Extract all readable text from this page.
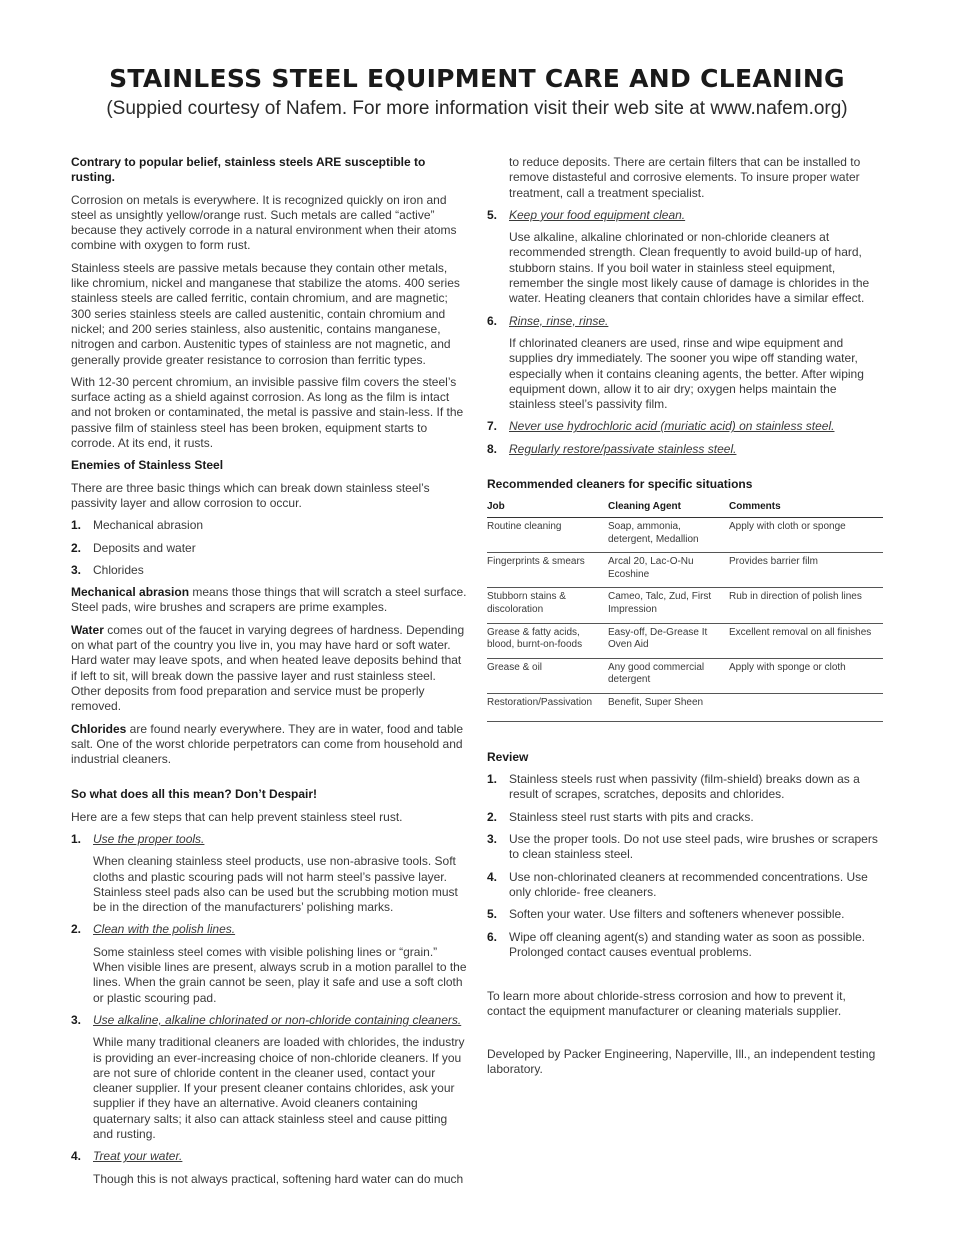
STAINLESS STEEL EQUIPMENT CARE AND CLEANING
(Suppied courtesy of Nafem. For more information visit their web site at www.nafem.org)
Contrary to popular belief, stainless steels ARE susceptible to rusting.

Corrosion on metals is everywhere. It is recognized quickly on iron and steel as unsightly yellow/orange rust. Such metals are called “active” because they actively corrode in a natural environment when their atoms combine with oxygen to form rust.

Stainless steels are passive metals because they contain other metals, like chromium, nickel and manganese that stabilize the atoms. 400 series stainless steels are called ferritic, contain chromium, and are magnetic; 300 series stainless steels are called austenitic, contain chromium and nickel; and 200 series stainless, also austenitic, contains manganese, nitrogen and carbon. Austenitic types of stainless are not magnetic, and generally provide greater resistance to corrosion than ferritic types.

With 12-30 percent chromium, an invisible passive film covers the steel’s surface acting as a shield against corrosion. As long as the film is intact and not broken or contaminated, the metal is passive and stain-less. If the passive film of stainless steel has been broken, equipment starts to corrode. At its end, it rusts.

Enemies of Stainless Steel

There are three basic things which can break down stainless steel’s passivity layer and allow corrosion to occur.

1. Mechanical abrasion
2. Deposits and water
3. Chlorides

Mechanical abrasion means those things that will scratch a steel surface. Steel pads, wire brushes and scrapers are prime examples.

Water comes out of the faucet in varying degrees of hardness. Depending on what part of the country you live in, you may have hard or soft water. Hard water may leave spots, and when heated leave deposits behind that if left to sit, will break down the passive layer and rust stainless steel. Other deposits from food preparation and service must be properly removed.

Chlorides are found nearly everywhere. They are in water, food and table salt. One of the worst chloride perpetrators can come from household and industrial cleaners.

So what does all this mean? Don’t Despair!

Here are a few steps that can help prevent stainless steel rust.

1. Use the proper tools.

When cleaning stainless steel products, use non-abrasive tools. Soft cloths and plastic scouring pads will not harm steel’s passive layer. Stainless steel pads also can be used but the scrubbing motion must be in the direction of the manufacturers’ polishing marks.

2. Clean with the polish lines.

Some stainless steel comes with visible polishing lines or “grain.” When visible lines are present, always scrub in a motion parallel to the lines. When the grain cannot be seen, play it safe and use a soft cloth or plastic scouring pad.

3. Use alkaline, alkaline chlorinated or non-chloride containing cleaners.

While many traditional cleaners are loaded with chlorides, the industry is providing an ever-increasing choice of non-chloride cleaners. If you are not sure of chloride content in the cleaner used, contact your cleaner supplier. If your present cleaner contains chlorides, ask your supplier if they have an alternative. Avoid cleaners containing quaternary salts; it also can attack stainless steel and cause pitting and rusting.

4. Treat your water.

Though this is not always practical, softening hard water can do much

to reduce deposits. There are certain filters that can be installed to remove distasteful and corrosive elements. To insure proper water treatment, call a treatment specialist.

5. Keep your food equipment clean.

Use alkaline, alkaline chlorinated or non-chloride cleaners at recommended strength. Clean frequently to avoid build-up of hard, stubborn stains. If you boil water in stainless steel equipment, remember the single most likely cause of damage is chlorides in the water. Heating cleaners that contain chlorides have a similar effect.

6. Rinse, rinse, rinse.

If chlorinated cleaners are used, rinse and wipe equipment and supplies dry immediately. The sooner you wipe off standing water, especially when it contains cleaning agents, the better. After wiping equipment down, allow it to air dry; oxygen helps maintain the stainless steel’s passivity film.

7. Never use hydrochloric acid (muriatic acid) on stainless steel.
8. Regularly restore/passivate stainless steel.
Recommended cleaners for specific situations
Job	Cleaning Agent	Comments
Routine cleaning	Soap, ammonia, detergent, Medallion	Apply with cloth or sponge
Fingerprints & smears	Arcal 20, Lac-O-Nu Ecoshine	Provides barrier film
Stubborn stains & discoloration	Cameo, Talc, Zud, First Impression	Rub in direction of polish lines
Grease & fatty acids, blood, burnt-on-foods	Easy-off, De-Grease It Oven Aid	Excellent removal on all finishes
Grease & oil	Any good commercial detergent	Apply with sponge or cloth
Restoration/Passivation	Benefit, Super Sheen	
Review
1. Stainless steels rust when passivity (film-shield) breaks down as a result of scrapes, scratches, deposits and chlorides.
2. Stainless steel rust starts with pits and cracks.
3. Use the proper tools. Do not use steel pads, wire brushes or scrapers to clean stainless steel.
4. Use non-chlorinated cleaners at recommended concentrations. Use only chloride- free cleaners.
5. Soften your water. Use filters and softeners whenever possible.
6. Wipe off cleaning agent(s) and standing water as soon as possible. Prolonged contact causes eventual problems.

To learn more about chloride-stress corrosion and how to prevent it, contact the equipment manufacturer or cleaning materials supplier.

Developed by Packer Engineering, Naperville, Ill., an independent testing laboratory.
